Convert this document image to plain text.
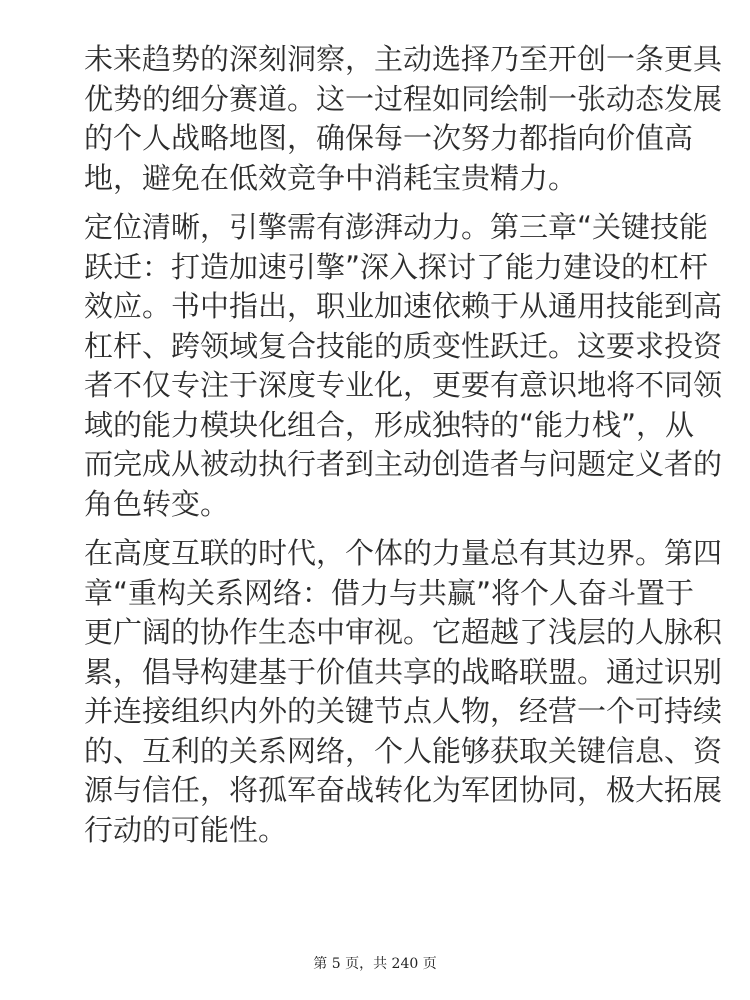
未来趋势的深刻洞察，主动选择乃至开创一条更具
优势的细分赛道。这一过程如同绘制一张动态发展
的个人战略地图，确保每一次努力都指向价值高
地，避免在低效竞争中消耗宝贵精力。
定位清晰，引擎需有澎湃动力。第三章“关键技能
跃迁：打造加速引擎”深入探讨了能力建设的杠杆
效应。书中指出，职业加速依赖于从通用技能到高
杠杆、跨领域复合技能的质变性跃迁。这要求投资
者不仅专注于深度专业化，更要有意识地将不同领
域的能力模块化组合，形成独特的“能力栈”，从
而完成从被动执行者到主动创造者与问题定义者的
角色转变。
在高度互联的时代，个体的力量总有其边界。第四
章“重构关系网络：借力与共赢”将个人奋斗置于
更广阔的协作生态中审视。它超越了浅层的人脉积
累，倡导构建基于价值共享的战略联盟。通过识别
并连接组织内外的关键节点人物，经营一个可持续
的、互利的关系网络，个人能够获取关键信息、资
源与信任，将孤军奋战转化为军团协同，极大拓展
行动的可能性。
第 5 页，共 240 页
